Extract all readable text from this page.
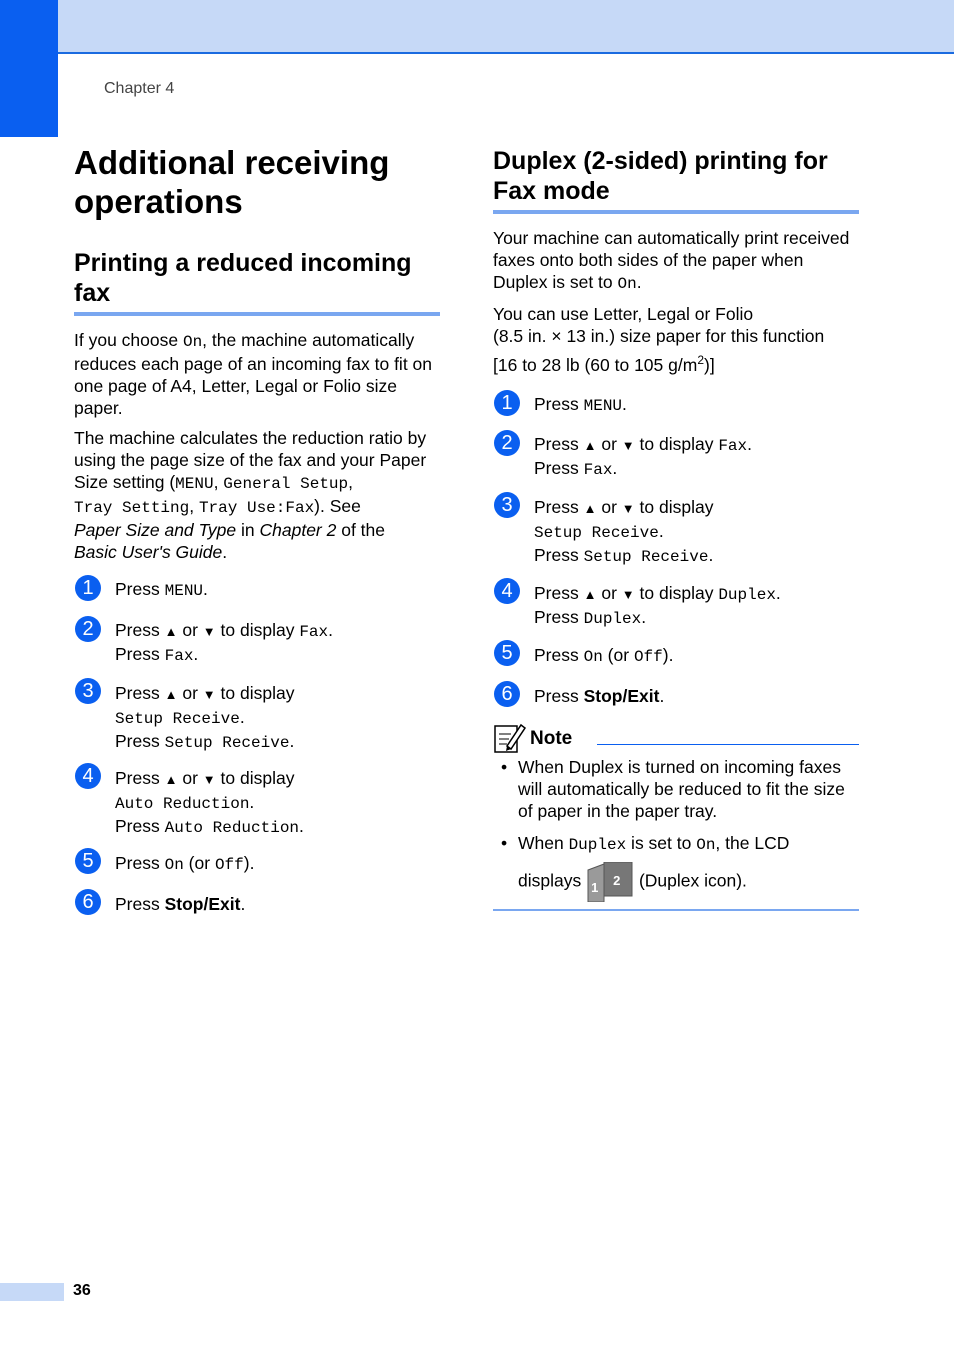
Chapter 4
Additional receiving
operations
Printing a reduced incoming
fax
If you choose On, the machine automatically reduces each page of an incoming fax to fit on one page of A4, Letter, Legal or Folio size paper.
The machine calculates the reduction ratio by using the page size of the fax and your Paper Size setting (MENU, General Setup,
Tray Setting, Tray Use:Fax). See
Paper Size and Type in Chapter 2 of the
Basic User's Guide.
1	Press MENU.
2	Press ▲ or ▼ to display Fax.
Press Fax.
3	Press ▲ or ▼ to display
Setup Receive.
Press Setup Receive.
4	Press ▲ or ▼ to display
Auto Reduction.
Press Auto Reduction.
5	Press On (or Off).
6	Press Stop/Exit.
Duplex (2-sided) printing for
Fax mode
Your machine can automatically print received faxes onto both sides of the paper when Duplex is set to On.
You can use Letter, Legal or Folio
(8.5 in. × 13 in.) size paper for this function
[16 to 28 lb (60 to 105 $g/m^2$)]
1	Press MENU.
2	Press ▲ or ▼ to display Fax.
Press Fax.
3	Press ▲ or ▼ to display
Setup Receive.
Press Setup Receive.
4	Press ▲ or ▼ to display Duplex.
Press Duplex.
5	Press On (or Off).
6	Press Stop/Exit.
Note
• When Duplex is turned on incoming faxes will automatically be reduced to fit the size of paper in the paper tray.
• When Duplex is set to On, the LCD
displays 1 2 (Duplex icon).
36
